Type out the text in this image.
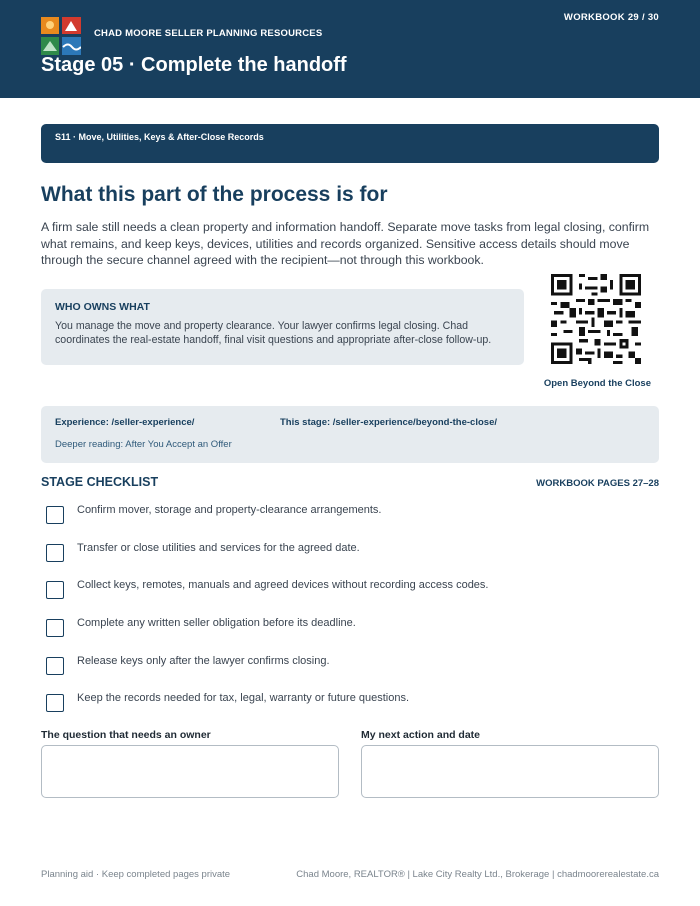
CHAD MOORE SELLER PLANNING RESOURCES
WORKBOOK 29 / 30
Stage 05 · Complete the handoff
S11 · Move, Utilities, Keys & After-Close Records
What this part of the process is for
A firm sale still needs a clean property and information handoff. Separate move tasks from legal closing, confirm what remains, and keep keys, devices, utilities and records organized. Sensitive access details should move through the secure channel agreed with the recipient—not through this workbook.
WHO OWNS WHAT
You manage the move and property clearance. Your lawyer confirms legal closing. Chad coordinates the real-estate handoff, final visit questions and appropriate after-close follow-up.
Open Beyond the Close
Experience: /seller-experience/	This stage: /seller-experience/beyond-the-close/
Deeper reading: After You Accept an Offer
STAGE CHECKLIST	WORKBOOK PAGES 27–28
Confirm mover, storage and property-clearance arrangements.
Transfer or close utilities and services for the agreed date.
Collect keys, remotes, manuals and agreed devices without recording access codes.
Complete any written seller obligation before its deadline.
Release keys only after the lawyer confirms closing.
Keep the records needed for tax, legal, warranty or future questions.
The question that needs an owner	My next action and date
Planning aid · Keep completed pages private	Chad Moore, REALTOR® | Lake City Realty Ltd., Brokerage | chadmoorerealestate.ca
